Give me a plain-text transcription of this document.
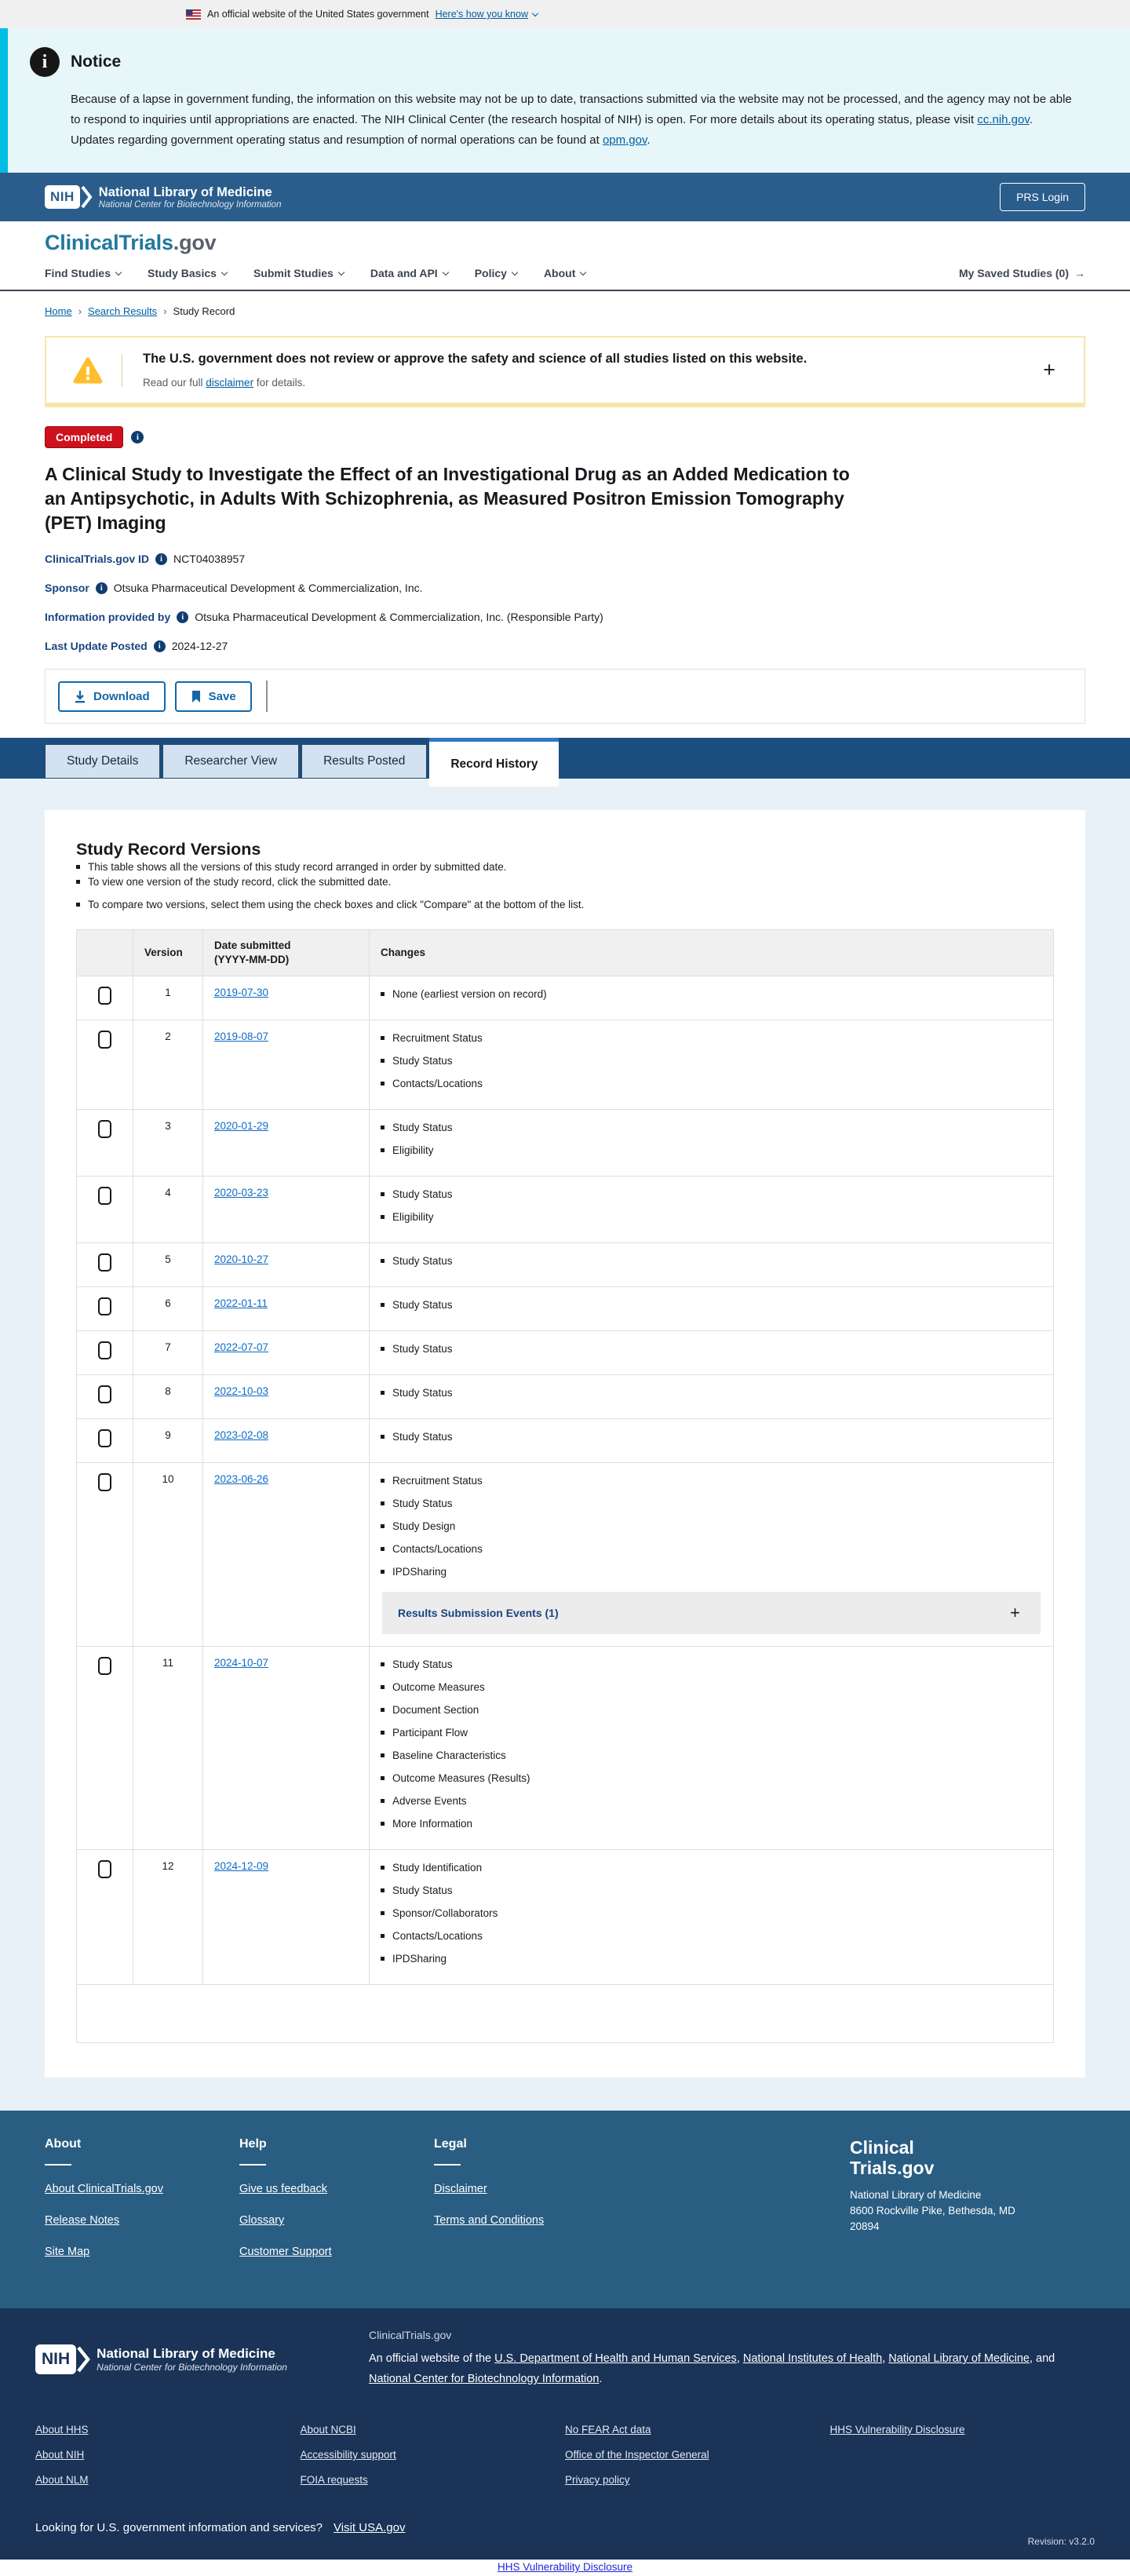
An official website of the United States government Here's how you know
i	Notice
Because of a lapse in government funding, the information on this website may not be up to date, transactions submitted via the website may not be processed, and the agency may not be able to respond to inquiries until appropriations are enacted. The NIH Clinical Center (the research hospital of NIH) is open. For more details about its operating status, please visit cc.nih.gov. Updates regarding government operating status and resumption of normal operations can be found at opm.gov.
NIH	National Library of Medicine
National Center for Biotechnology Information
PRS Login
ClinicalTrials.gov
Find Studies	Study Basics	Submit Studies	Data and API	Policy	About	My Saved Studies (0) →
Home › Search Results › Study Record
The U.S. government does not review or approve the safety and science of all studies listed on this website.
Read our full disclaimer for details.
+
Completed	i
A Clinical Study to Investigate the Effect of an Investigational Drug as an Added Medication to an Antipsychotic, in Adults With Schizophrenia, as Measured Positron Emission Tomography (PET) Imaging
ClinicalTrials.gov ID	i	NCT04038957
Sponsor	i	Otsuka Pharmaceutical Development & Commercialization, Inc.
Information provided by	i	Otsuka Pharmaceutical Development & Commercialization, Inc. (Responsible Party)
Last Update Posted	i	2024-12-27
Download	Save
Study Details	Researcher View	Results Posted	Record History
Study Record Versions
This table shows all the versions of this study record arranged in order by submitted date.
To view one version of the study record, click the submitted date.
To compare two versions, select them using the check boxes and click "Compare" at the bottom of the list.
	Version	Date submitted
(YYYY-MM-DD)	Changes
	1	2019-07-30	None (earliest version on record)

	2	2019-08-07	Recruitment Status
Study Status
Contacts/Locations

	3	2020-01-29	Study Status
Eligibility

	4	2020-03-23	Study Status
Eligibility

	5	2020-10-27	Study Status

	6	2022-01-11	Study Status

	7	2022-07-07	Study Status

	8	2022-10-03	Study Status

	9	2023-02-08	Study Status

	10	2023-06-26	Recruitment Status
Study Status
Study Design
Contacts/Locations
IPDSharing
Results Submission Events (1)	+

	11	2024-10-07	Study Status
Outcome Measures
Document Section
Participant Flow
Baseline Characteristics
Outcome Measures (Results)
Adverse Events
More Information

	12	2024-12-09	Study Identification
Study Status
Sponsor/Collaborators
Contacts/Locations
IPDSharing

About
About ClinicalTrials.gov
Release Notes
Site Map
Help
Give us feedback
Glossary
Customer Support
Legal
Disclaimer
Terms and Conditions
Clinical
Trials.gov
National Library of Medicine
8600 Rockville Pike, Bethesda, MD
20894
NIH	National Library of Medicine
National Center for Biotechnology Information
ClinicalTrials.gov
An official website of the U.S. Department of Health and Human Services, National Institutes of Health, National Library of Medicine, and National Center for Biotechnology Information.
About HHS
About NIH
About NLM
About NCBI
Accessibility support
FOIA requests
No FEAR Act data
Office of the Inspector General
Privacy policy
HHS Vulnerability Disclosure
Looking for U.S. government information and services? Visit USA.gov
Revision: v3.2.0
HHS Vulnerability Disclosure
